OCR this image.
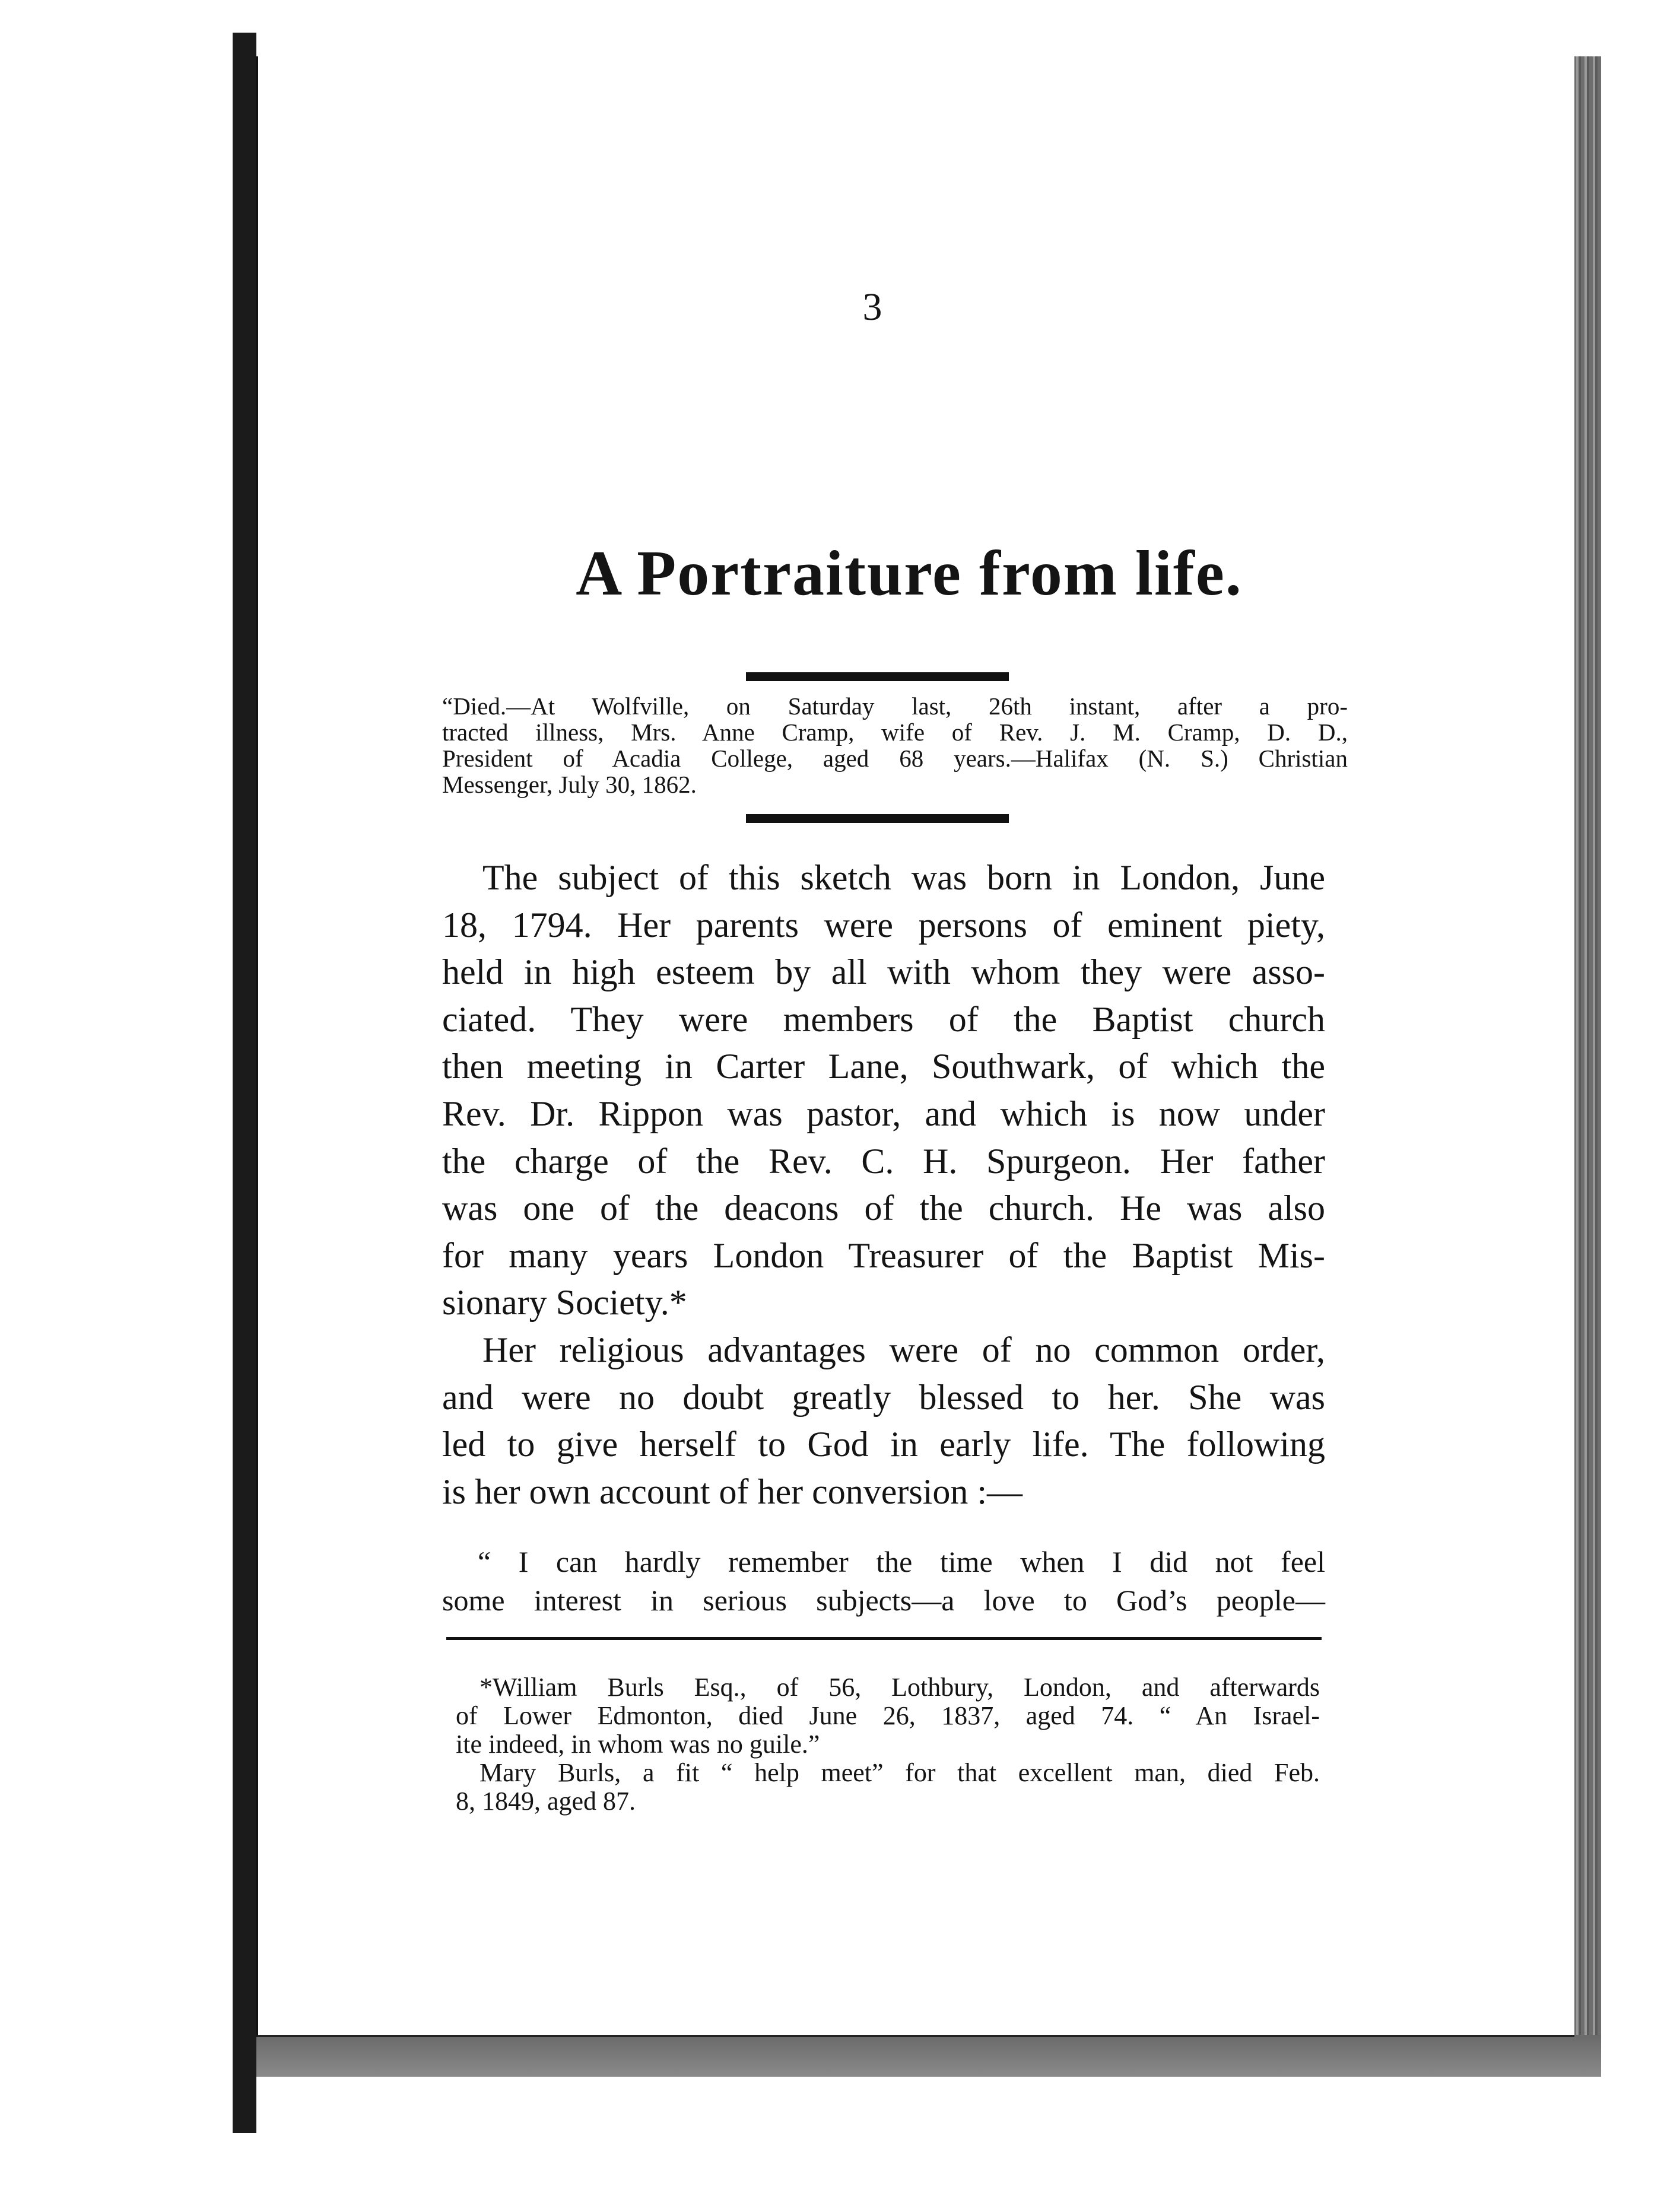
3
A Portraiture from life.
“Died.—At Wolfville, on Saturday last, 26th instant, after a pro-
tracted illness, Mrs. Anne Cramp, wife of Rev. J. M. Cramp, D. D.,
President of Acadia College, aged 68 years.—Halifax (N. S.) Christian
Messenger, July 30, 1862.
The subject of this sketch was born in London, June
18, 1794. Her parents were persons of eminent piety,
held in high esteem by all with whom they were asso-
ciated. They were members of the Baptist church
then meeting in Carter Lane, Southwark, of which the
Rev. Dr. Rippon was pastor, and which is now under
the charge of the Rev. C. H. Spurgeon. Her father
was one of the deacons of the church. He was also
for many years London Treasurer of the Baptist Mis-
sionary Society.*
Her religious advantages were of no common order,
and were no doubt greatly blessed to her. She was
led to give herself to God in early life. The following
is her own account of her conversion :—
“ I can hardly remember the time when I did not feel
some interest in serious subjects—a love to God’s people—
*William Burls Esq., of 56, Lothbury, London, and afterwards
of Lower Edmonton, died June 26, 1837, aged 74. “ An Israel-
ite indeed, in whom was no guile.”
Mary Burls, a fit “ help meet” for that excellent man, died Feb.
8, 1849, aged 87.
